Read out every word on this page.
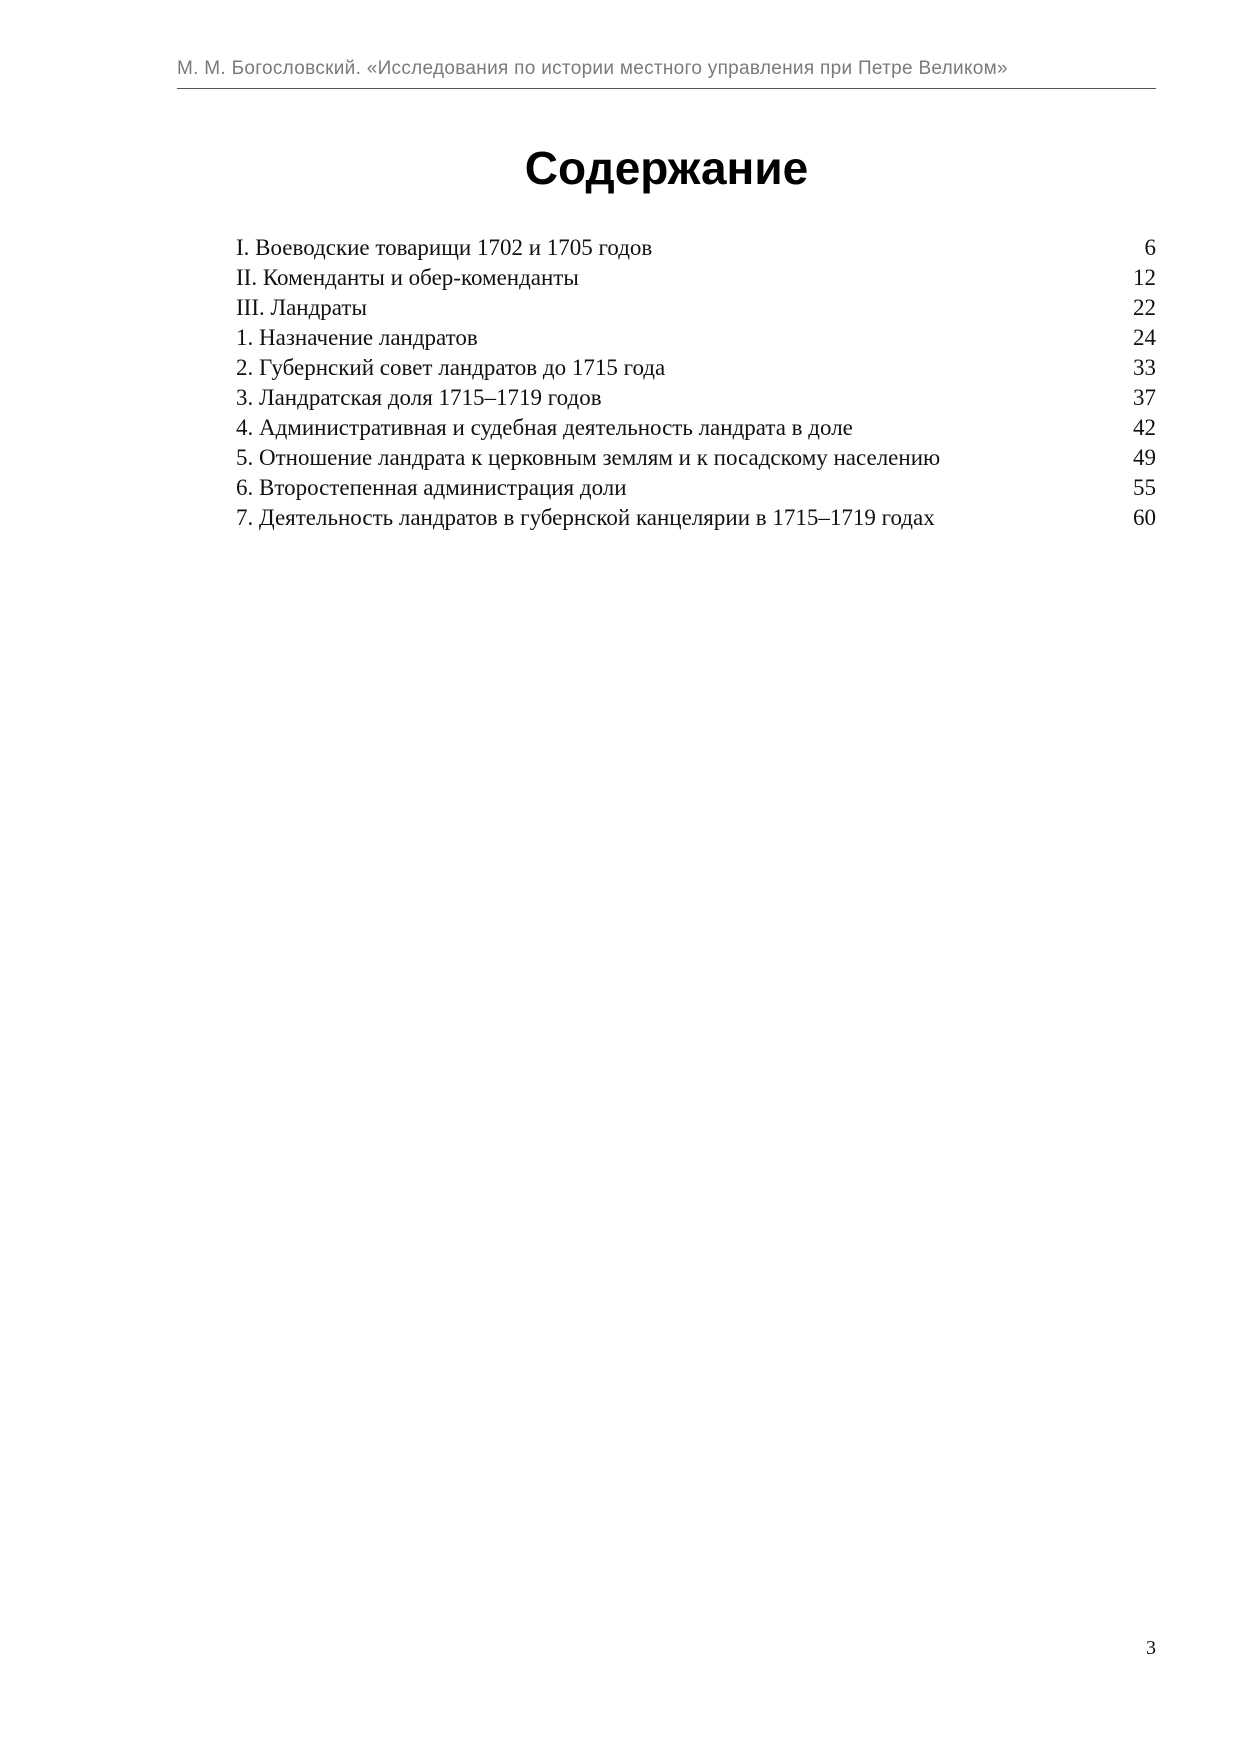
М. М. Богословский. «Исследования по истории местного управления при Петре Великом»
Содержание
I. Воеводские товарищи 1702 и 1705 годов	6
II. Коменданты и обер-коменданты	12
III. Ландраты	22
1. Назначение ландратов	24
2. Губернский совет ландратов до 1715 года	33
3. Ландратская доля 1715–1719 годов	37
4. Административная и судебная деятельность ландрата в доле	42
5. Отношение ландрата к церковным землям и к посадскому населению	49
6. Второстепенная администрация доли	55
7. Деятельность ландратов в губернской канцелярии в 1715–1719 годах	60
3
